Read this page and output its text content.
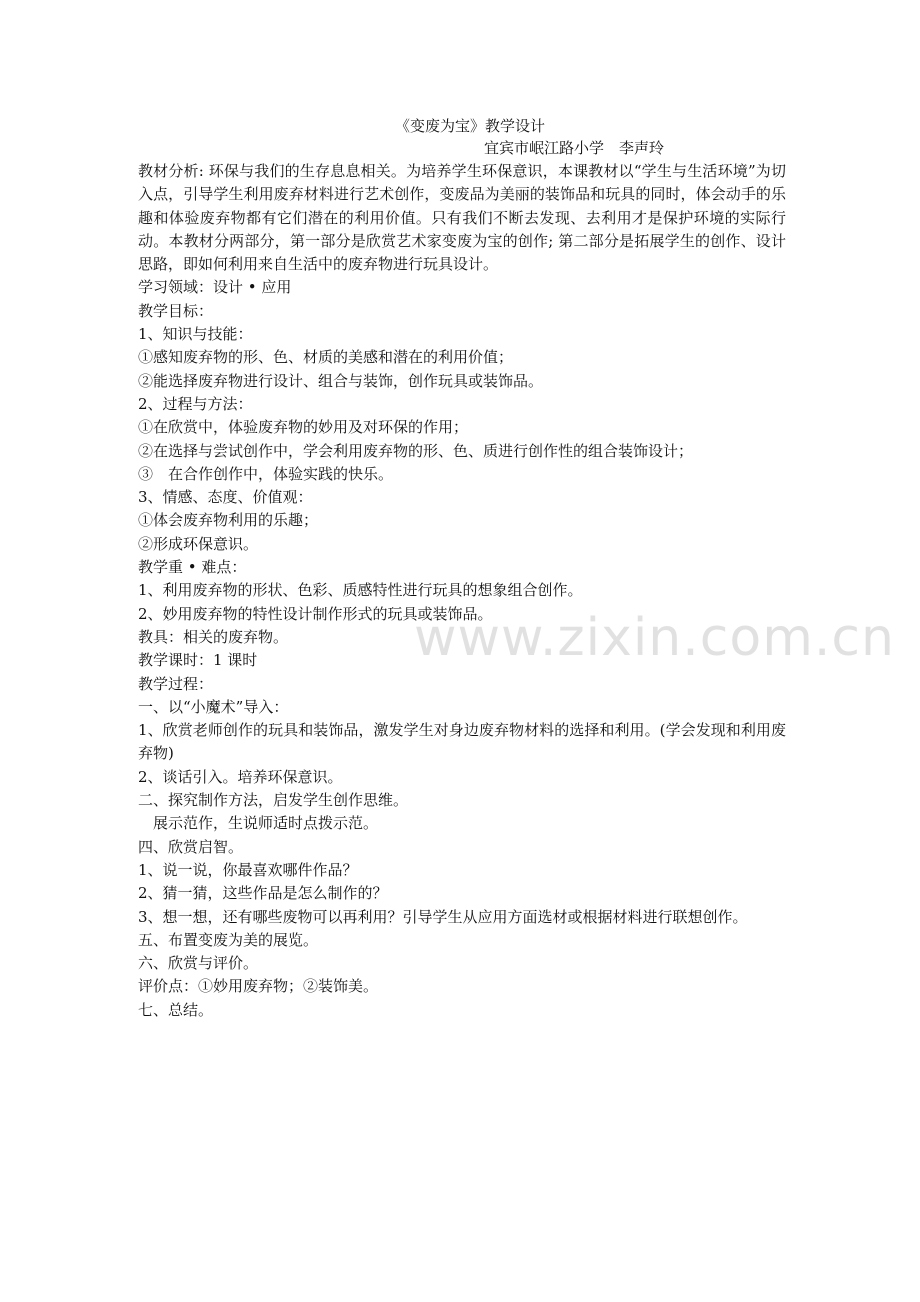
《变废为宝》教学设计
宜宾市岷江路小学　李声玲
教材分析: 环保与我们的生存息息相关。为培养学生环保意识，本课教材以“学生与生活环境”为切入点，引导学生利用废弃材料进行艺术创作，变废品为美丽的装饰品和玩具的同时，体会动手的乐趣和体验废弃物都有它们潜在的利用价值。只有我们不断去发现、去利用才是保护环境的实际行动。本教材分两部分，第一部分是欣赏艺术家变废为宝的创作; 第二部分是拓展学生的创作、设计思路，即如何利用来自生活中的废弃物进行玩具设计。
学习领域：设计 • 应用
教学目标：
1、知识与技能：
①感知废弃物的形、色、材质的美感和潜在的利用价值；
②能选择废弃物进行设计、组合与装饰，创作玩具或装饰品。
2、过程与方法：
①在欣赏中，体验废弃物的妙用及对环保的作用；
②在选择与尝试创作中，学会利用废弃物的形、色、质进行创作性的组合装饰设计；
③　在合作创作中，体验实践的快乐。
3、情感、态度、价值观：
①体会废弃物利用的乐趣；
②形成环保意识。
教学重 • 难点：
1、利用废弃物的形状、色彩、质感特性进行玩具的想象组合创作。
2、妙用废弃物的特性设计制作形式的玩具或装饰品。
教具：相关的废弃物。
教学课时：1 课时
教学过程：
一、以“小魔术”导入：
1、欣赏老师创作的玩具和装饰品，激发学生对身边废弃物材料的选择和利用。(学会发现和利用废弃物)
2、谈话引入。培养环保意识。
二、探究制作方法，启发学生创作思维。
　展示范作，生说师适时点拨示范。
四、欣赏启智。
1、说一说，你最喜欢哪件作品？
2、猜一猜，这些作品是怎么制作的？
3、想一想，还有哪些废物可以再利用？引导学生从应用方面选材或根据材料进行联想创作。
五、布置变废为美的展览。
六、欣赏与评价。
评价点：①妙用废弃物；②装饰美。
七、总结。
www.zixin.com.cn
